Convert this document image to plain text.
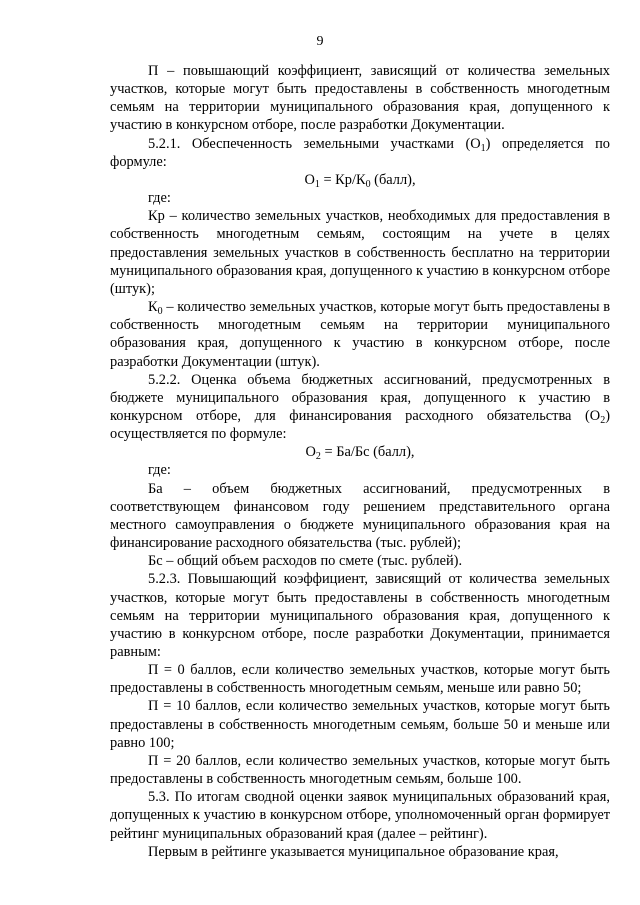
9

П – повышающий коэффициент, зависящий от количества земельных участков, которые могут быть предоставлены в собственность многодетным семьям на территории муниципального образования края, допущенного к участию в конкурсном отборе, после разработки Документации.

5.2.1. Обеспеченность земельными участками $(О_1)$ определяется по формуле:

$О_1 = Кр/К_0$ (балл),

где:

Кр – количество земельных участков, необходимых для предоставления в собственность многодетным семьям, состоящим на учете в целях предоставления земельных участков в собственность бесплатно на территории муниципального образования края, допущенного к участию в конкурсном отборе (штук);

$К_0$ – количество земельных участков, которые могут быть предоставлены в собственность многодетным семьям на территории муниципального образования края, допущенного к участию в конкурсном отборе, после разработки Документации (штук).

5.2.2. Оценка объема бюджетных ассигнований, предусмотренных в бюджете муниципального образования края, допущенного к участию в конкурсном отборе, для финансирования расходного обязательства $(О_2)$ осуществляется по формуле:

$О_2 = Ба/Бс$ (балл),

где:

Ба – объем бюджетных ассигнований, предусмотренных в соответствующем финансовом году решением представительного органа местного самоуправления о бюджете муниципального образования края на финансирование расходного обязательства (тыс. рублей);

Бс – общий объем расходов по смете (тыс. рублей).

5.2.3. Повышающий коэффициент, зависящий от количества земельных участков, которые могут быть предоставлены в собственность многодетным семьям на территории муниципального образования края, допущенного к участию в конкурсном отборе, после разработки Документации, принимается равным:

П = 0 баллов, если количество земельных участков, которые могут быть предоставлены в собственность многодетным семьям, меньше или равно 50;

П = 10 баллов, если количество земельных участков, которые могут быть предоставлены в собственность многодетным семьям, больше 50 и меньше или равно 100;

П = 20 баллов, если количество земельных участков, которые могут быть предоставлены в собственность многодетным семьям, больше 100.

5.3. По итогам сводной оценки заявок муниципальных образований края, допущенных к участию в конкурсном отборе, уполномоченный орган формирует рейтинг муниципальных образований края (далее – рейтинг).

Первым в рейтинге указывается муниципальное образование края,
